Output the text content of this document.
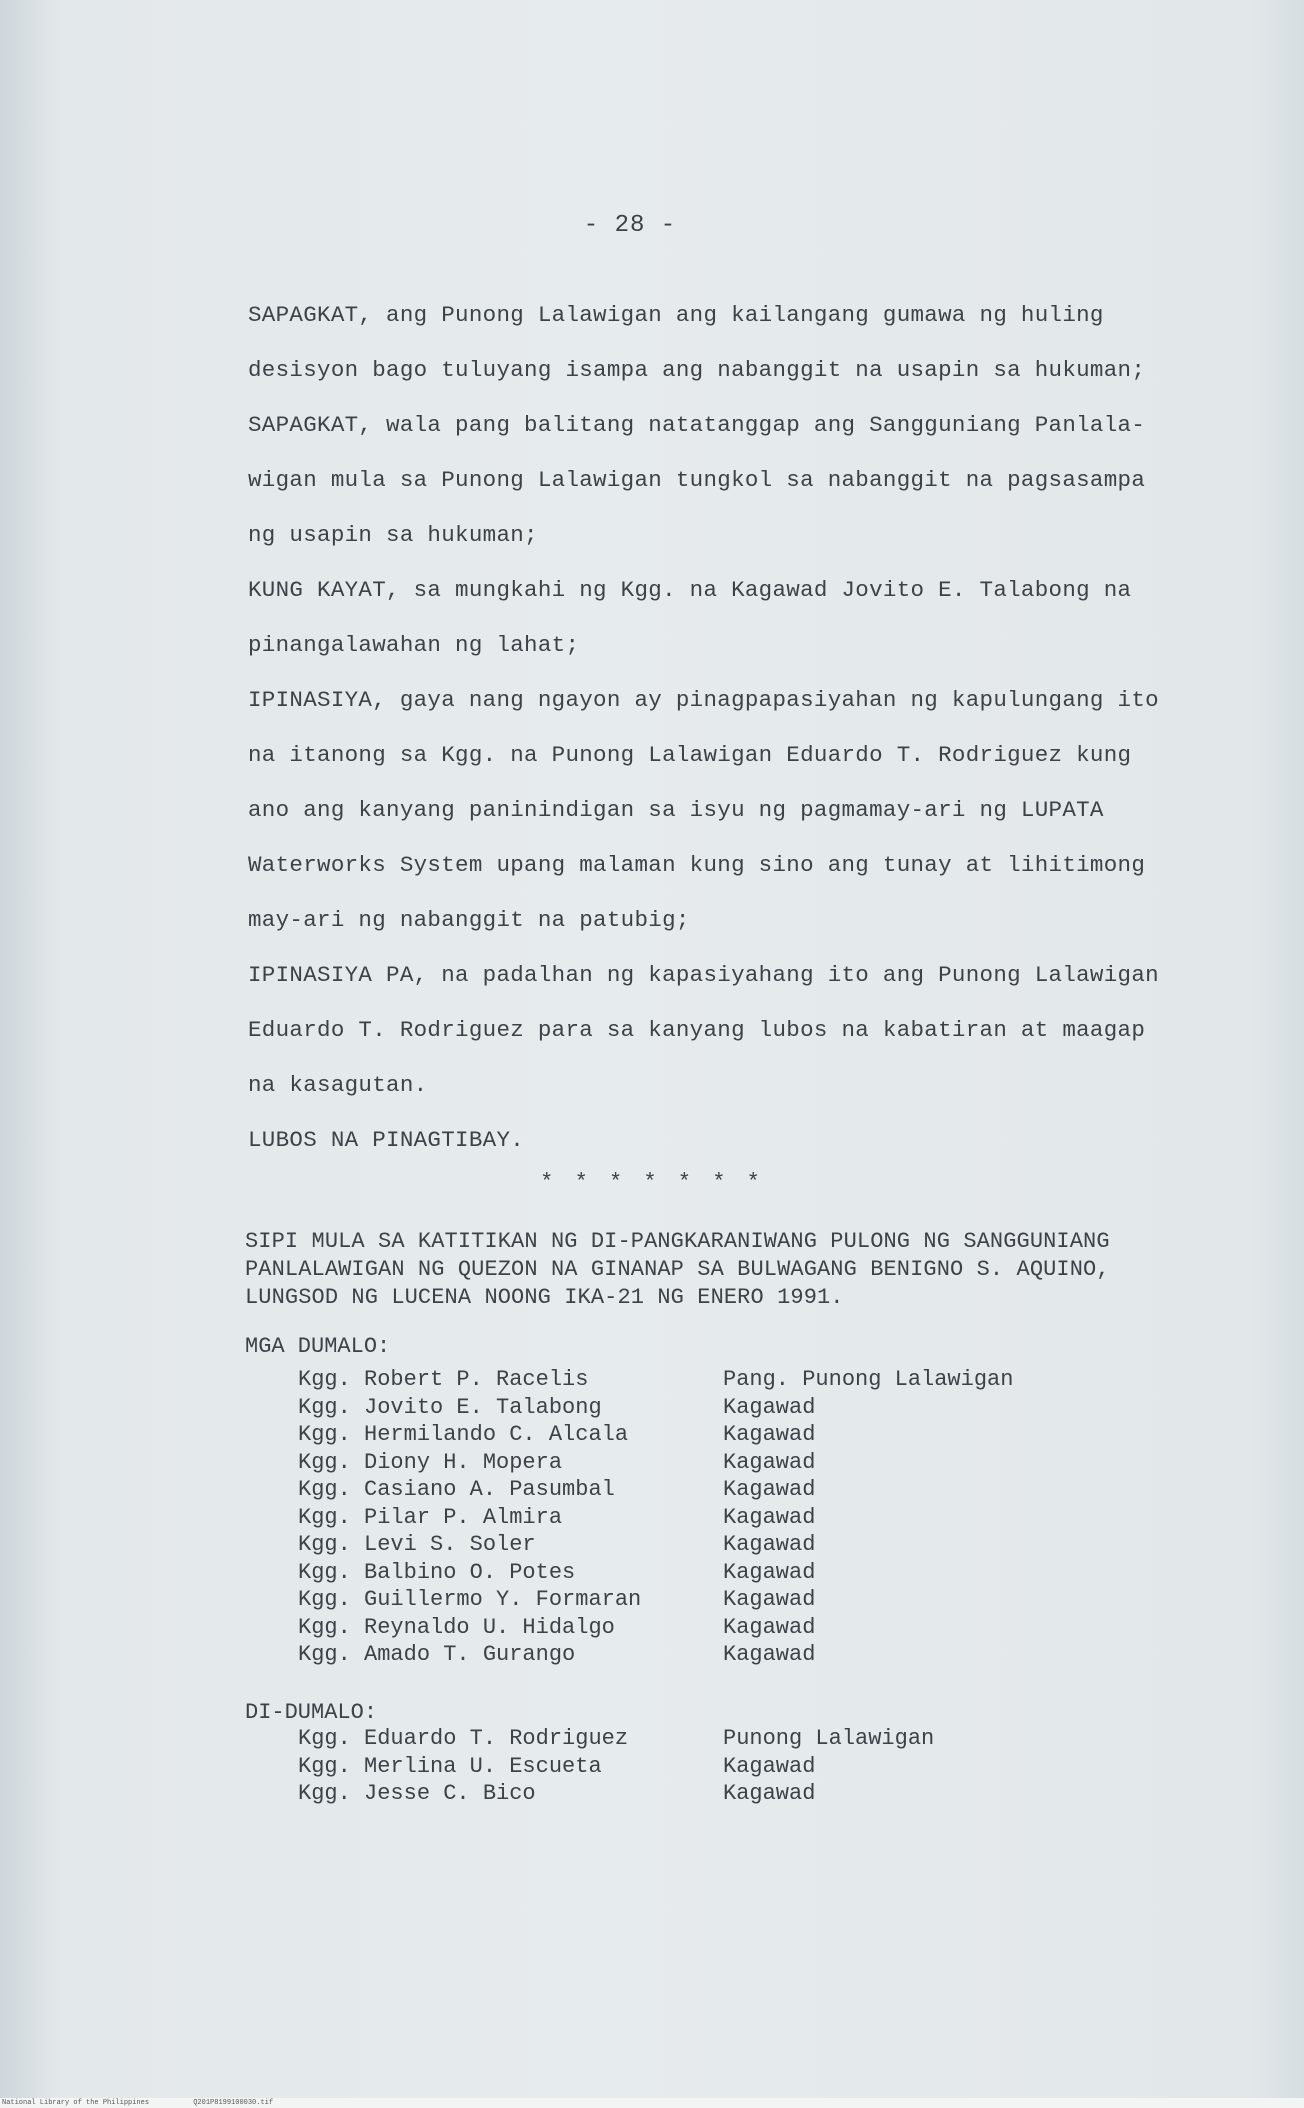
- 28 -

SAPAGKAT, ang Punong Lalawigan ang kailangang gumawa ng huling

desisyon bago tuluyang isampa ang nabanggit na usapin sa hukuman;

SAPAGKAT, wala pang balitang natatanggap ang Sangguniang Panlala-

wigan mula sa Punong Lalawigan tungkol sa nabanggit na pagsasampa

ng usapin sa hukuman;

KUNG KAYAT, sa mungkahi ng Kgg. na Kagawad Jovito E. Talabong na

pinangalawahan ng lahat;

IPINASIYA, gaya nang ngayon ay pinagpapasiyahan ng kapulungang ito

na itanong sa Kgg. na Punong Lalawigan Eduardo T. Rodriguez kung

ano ang kanyang paninindigan sa isyu ng pagmamay-ari ng LUPATA

Waterworks System upang malaman kung sino ang tunay at lihitimong

may-ari ng nabanggit na patubig;

IPINASIYA PA, na padalhan ng kapasiyahang ito ang Punong Lalawigan

Eduardo T. Rodriguez para sa kanyang lubos na kabatiran at maagap

na kasagutan.

LUBOS NA PINAGTIBAY.

* * * * * * *
SIPI MULA SA KATITIKAN NG DI-PANGKARANIWANG PULONG NG SANGGUNIANG
PANLALAWIGAN NG QUEZON NA GINANAP SA BULWAGANG BENIGNO S. AQUINO,
LUNGSOD NG LUCENA NOONG IKA-21 NG ENERO 1991.
MGA DUMALO:
Kgg. Robert P. Racelis	Pang. Punong Lalawigan
Kgg. Jovito E. Talabong	Kagawad
Kgg. Hermilando C. Alcala	Kagawad
Kgg. Diony H. Mopera	Kagawad
Kgg. Casiano A. Pasumbal	Kagawad
Kgg. Pilar P. Almira	Kagawad
Kgg. Levi S. Soler	Kagawad
Kgg. Balbino O. Potes	Kagawad
Kgg. Guillermo Y. Formaran	Kagawad
Kgg. Reynaldo U. Hidalgo	Kagawad
Kgg. Amado T. Gurango	Kagawad
DI-DUMALO:
Kgg. Eduardo T. Rodriguez	Punong Lalawigan
Kgg. Merlina U. Escueta	Kagawad
Kgg. Jesse C. Bico	Kagawad
National Library of the Philippines	Q201P8199100030.tif
